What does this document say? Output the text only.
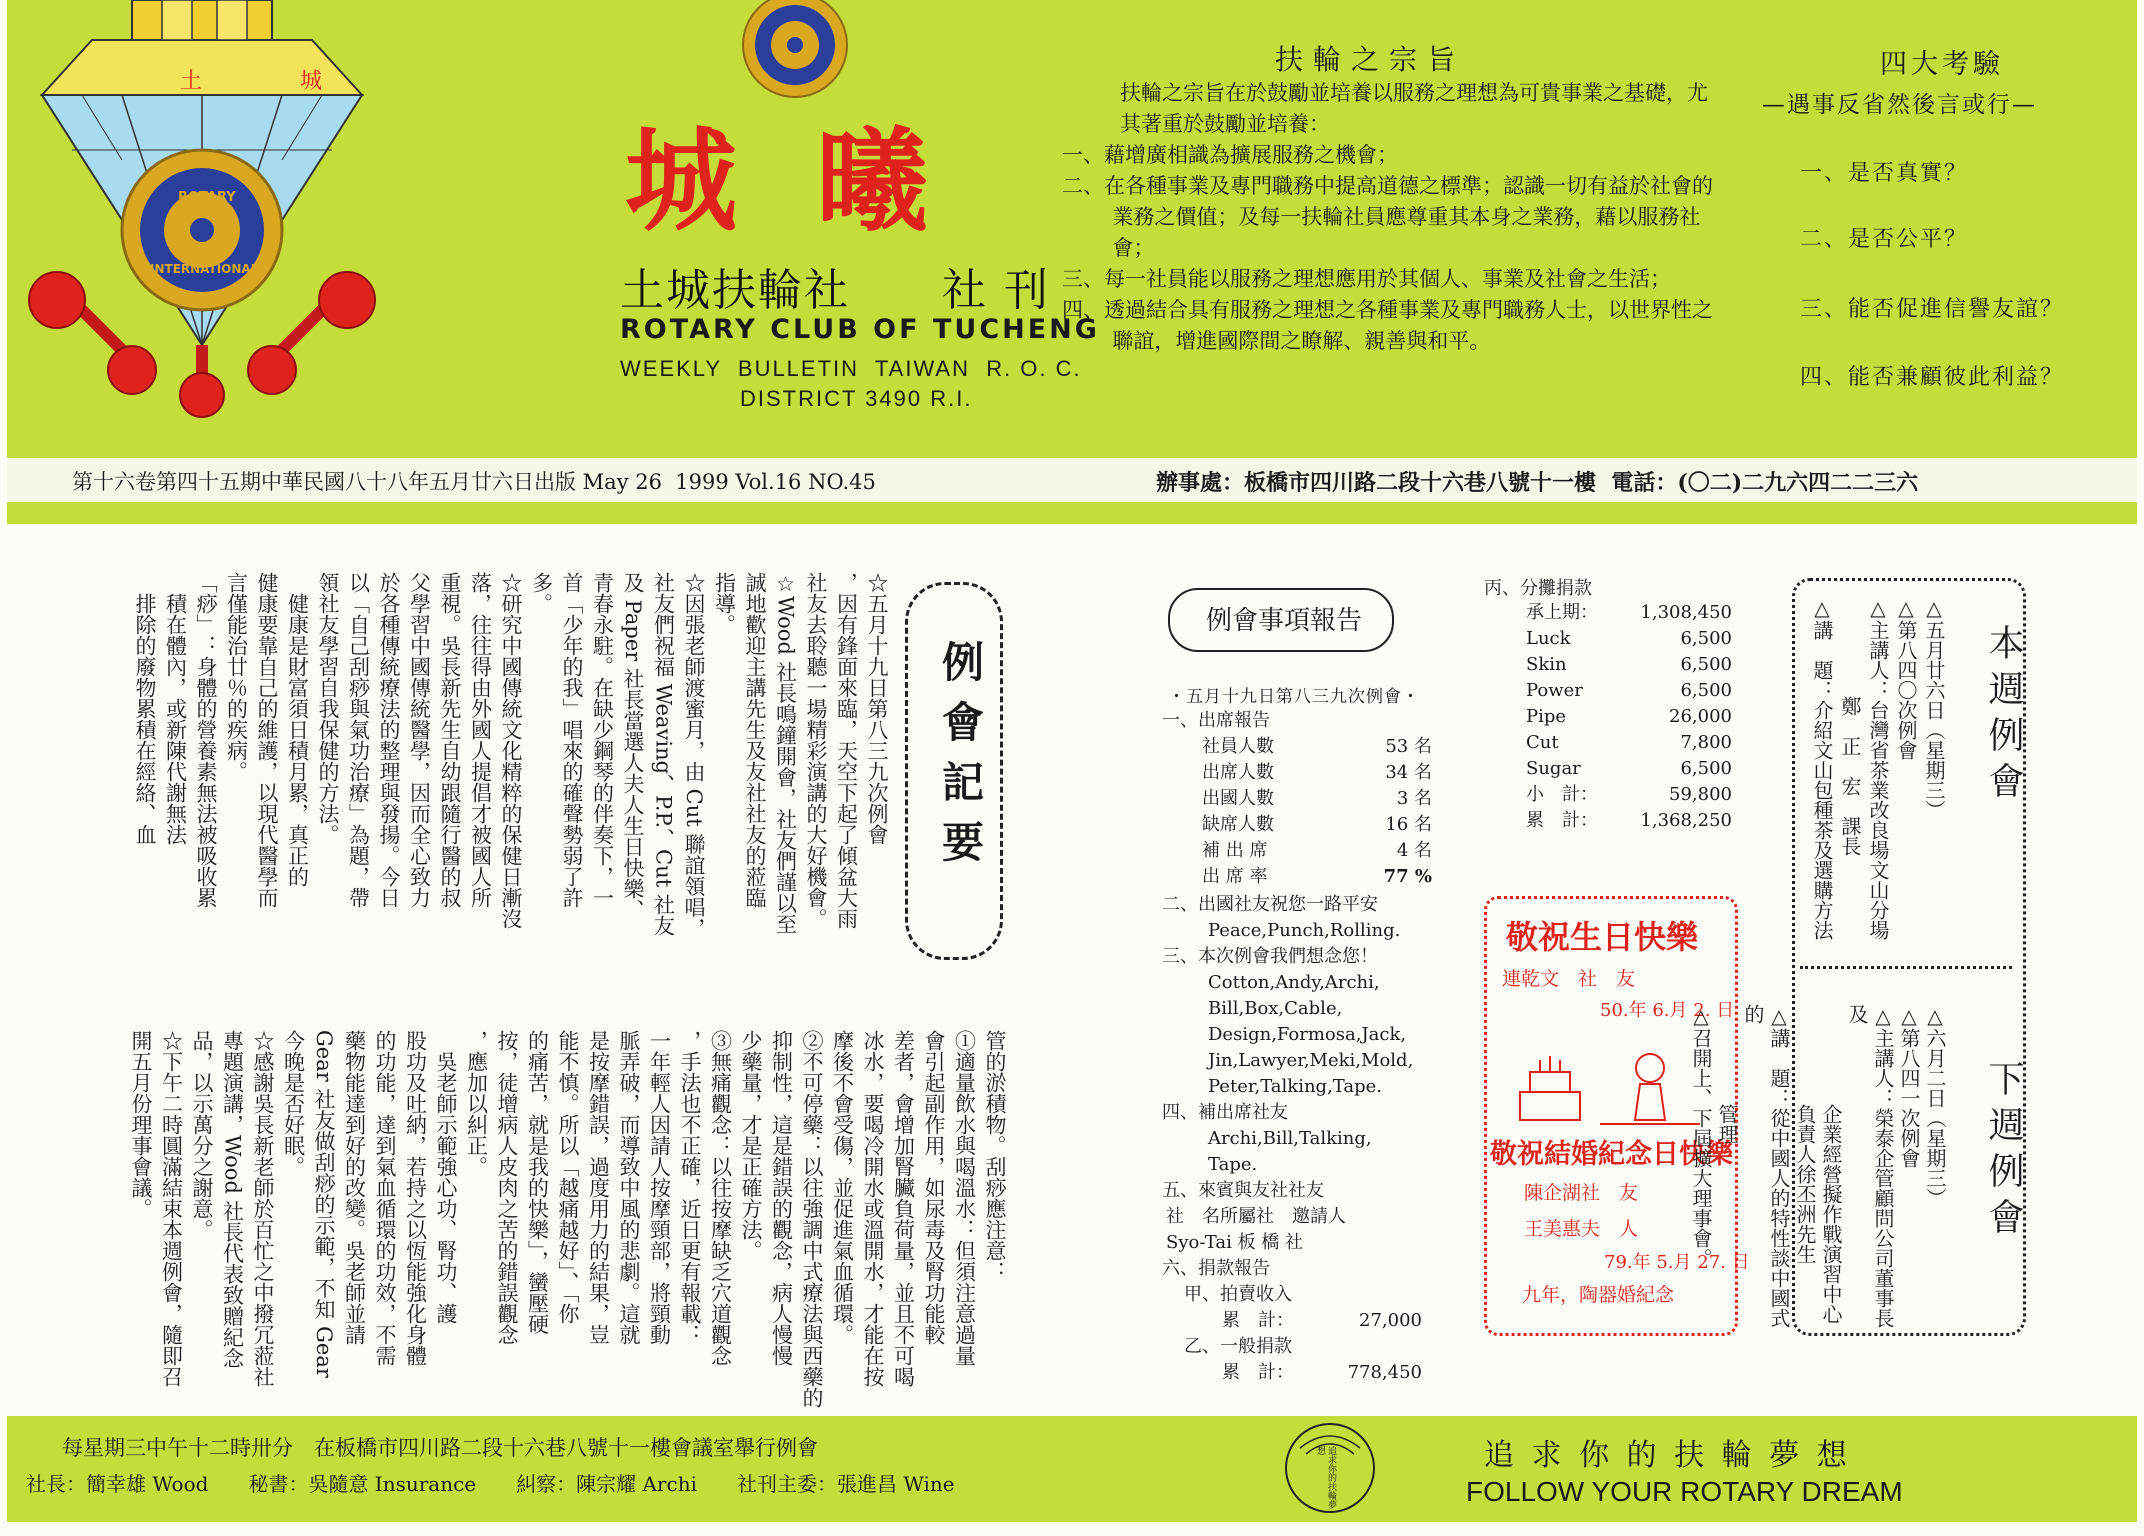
土	城
ROTARY
INTERNATIONAL
城 曦
土城扶輪社　　社 刊
ROTARY CLUB OF TUCHENG
WEEKLY  BULLETIN  TAIWAN  R. O. C.
DISTRICT 3490 R.I.
扶輪之宗旨
扶輪之宗旨在於鼓勵並培養以服務之理想為可貴事業之基礎，尤其著重於鼓勵並培養：
一、藉增廣相識為擴展服務之機會；
二、在各種事業及專門職務中提高道德之標準；認識一切有益於社會的業務之價值；及每一扶輪社員應尊重其本身之業務，藉以服務社會；
三、每一社員能以服務之理想應用於其個人、事業及社會之生活；
四、透過結合具有服務之理想之各種事業及專門職務人士，以世界性之聯誼，增進國際間之瞭解、親善與和平。
四大考驗
—遇事反省然後言或行—
一、是否真實？
二、是否公平？
三、能否促進信譽友誼？
四、能否兼顧彼此利益？
第十六卷第四十五期中華民國八十八年五月廿六日出版 May 26  1999 Vol.16 NO.45	辦事處：板橋市四川路二段十六巷八號十一樓  電話：(〇二)二九六四二二三六
例會記要

☆五月十九日第八三九次例會

，因有鋒面來臨，天空下起了傾盆大雨

社友去聆聽一場精彩演講的大好機會。

☆Wood 社長鳴鐘開會，社友們謹以至

誠地歡迎主講先生及友社社友的蒞臨

指導。

☆因張老師渡蜜月，由 Cut 聯誼領唱，

社友們祝福 Weaving、P.P.、Cut 社友

及 Paper 社長當選人夫人生日快樂、

青春永駐。在缺少鋼琴的伴奏下，一

首「少年的我」唱來的確聲勢弱了許

多。

☆研究中國傳統文化精粹的保健日漸沒

落，往往得由外國人提倡才被國人所

重視。吳長新先生自幼跟隨行醫的叔

父學習中國傳統醫學，因而全心致力

於各種傳統療法的整理與發揚。今日

以「自己刮痧與氣功治療」為題，帶

領社友學習自我保健的方法。

　健康是財富須日積月累，真正的

健康要靠自己的維護，以現代醫學而

言僅能治廿％的疾病。

「痧」：身體的營養素無法被吸收累

　積在體內，或新陳代謝無法

　排除的廢物累積在經絡、血

管的淤積物。刮痧應注意：

①適量飲水與喝溫水：但須注意過量

會引起副作用，如尿毒及腎功能較

差者，會增加腎臟負荷量，並且不可喝

冰水，要喝冷開水或溫開水，才能在按

摩後不會受傷，並促進氣血循環。

②不可停藥：以往強調中式療法與西藥的

抑制性，這是錯誤的觀念，病人慢慢

少藥量，才是正確方法。

③無痛觀念：以往按摩缺乏穴道觀念

，手法也不正確，近日更有報載：

一年輕人因請人按摩頸部，將頸動

脈弄破，而導致中風的悲劇。這就

是按摩錯誤，過度用力的結果，豈

能不慎。所以「越痛越好」、「你

的痛苦，就是我的快樂」，蠻壓硬

按，徒增病人皮肉之苦的錯誤觀念

，應加以糾正。

　吳老師示範強心功、腎功、護

股功及吐納，若持之以恆能強化身體

的功能，達到氣血循環的功效，不需

藥物能達到好的改變。吳老師並請

Gear 社友做刮痧的示範，不知 Gear

今晚是否好眠。

☆感謝吳長新老師於百忙之中撥冗蒞社

專題演講，Wood 社長代表致贈紀念

品，以示萬分之謝意。

☆下午二時圓滿結束本週例會，隨即召

開五月份理事會議。

例會事項報告
・五月十九日第八三九次例會・

一、出席報告

社員人數	53 名
出席人數	34 名
出國人數	3 名
缺席人數	16 名
補 出 席	4 名
出 席 率	77 %

二、出國社友祝您一路平安

Peace,Punch,Rolling.

三、本次例會我們想念您！

Cotton,Andy,Archi,

Bill,Box,Cable,

Design,Formosa,Jack,

Jin,Lawyer,Meki,Mold,

Peter,Talking,Tape.

四、補出席社友

Archi,Bill,Talking,

Tape.

五、來賓與友社社友

社　名所屬社　邀請人

Syo-Tai 板 橋 社

六、捐款報告

甲、拍賣收入

累　計：	27,000

乙、一般捐款

累　計：	778,450
丙、分攤捐款
承上期： 1,308,450
Luck	6,500
Skin	6,500
Power	6,500
Pipe	26,000
Cut	7,800
Sugar	6,500
小　計：	59,800
累　計： 1,368,250
敬祝生日快樂
連乾文　社　友
50.年 6.月 2. 日
敬祝結婚紀念日快樂
陳企湖社　友
王美惠夫　人
79.年 5.月 27. 日
九年，陶器婚紀念
本週例會

△五月廿六日（星期三）

△第八四〇次例會

△主講人：台灣省茶業改良場文山分場

　　　　　鄭　正　宏　課長

△講　題：介紹文山包種茶及選購方法

下週例會

△六月二日（星期三）

△第八四一次例會

△主講人：榮泰企管顧問公司董事長及

　　　　　企業經營擬作戰演習中心

　　　　　負責人徐丕洲先生

△講　題：從中國人的特性談中國式的

　　　　　管理

△召開上、下屆擴大理事會。

每星期三中午十二時卅分　在板橋市四川路二段十六巷八號十一樓會議室舉行例會
社長：簡幸雄 Wood　　秘書：吳隨意 Insurance　　糾察：陳宗耀 Archi　　社刊主委：張進昌 Wine	追求你的扶輪夢想	追 求 你 的 扶 輪 夢 想
FOLLOW YOUR ROTARY DREAM
